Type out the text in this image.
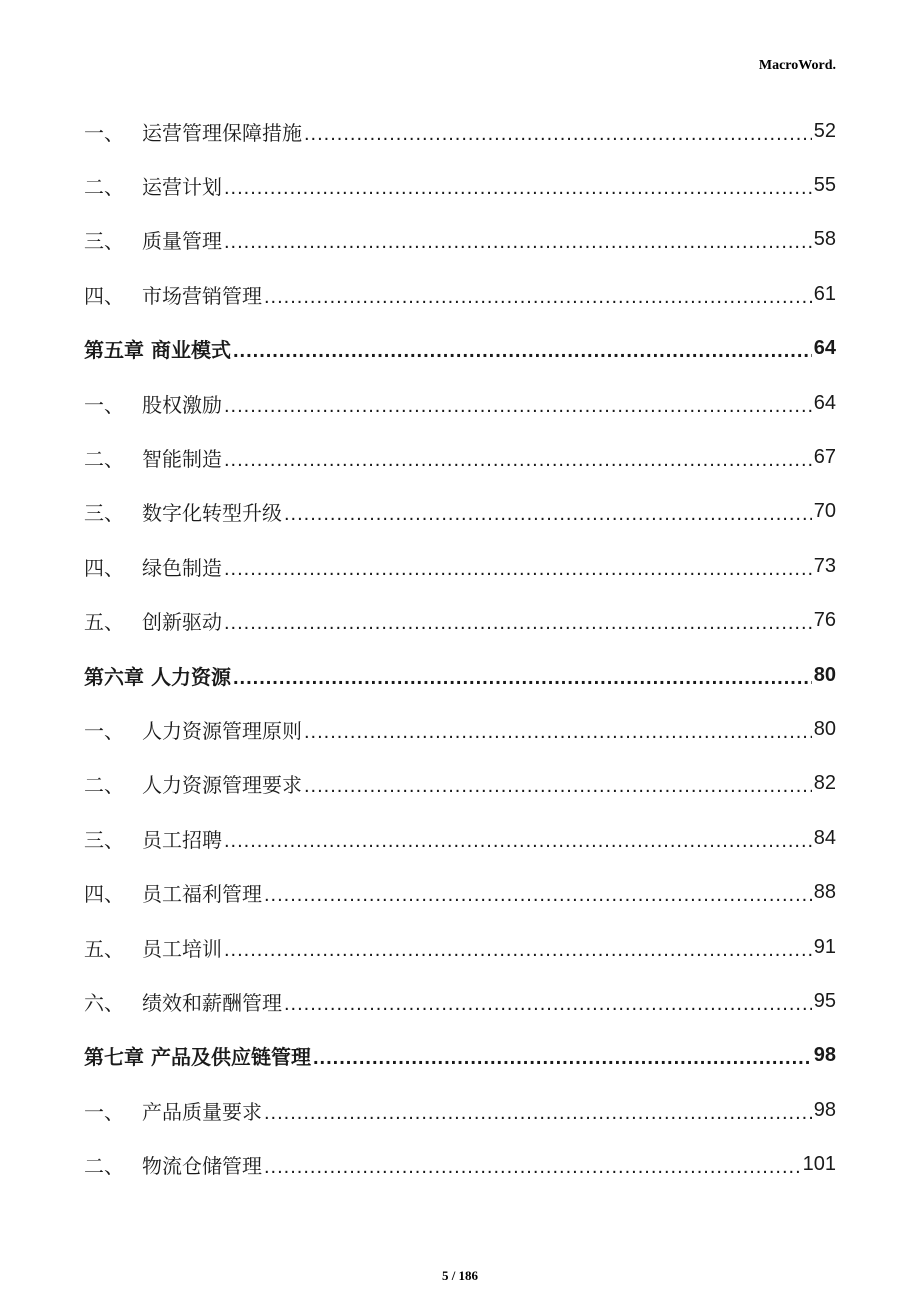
MacroWord.
一、 运营管理保障措施 .....	52
二、 运营计划 .....	55
三、 质量管理 .....	58
四、 市场营销管理 .....	61
第五章 商业模式 .....	64
一、 股权激励 .....	64
二、 智能制造 .....	67
三、 数字化转型升级 .....	70
四、 绿色制造 .....	73
五、 创新驱动 .....	76
第六章 人力资源 .....	80
一、 人力资源管理原则 .....	80
二、 人力资源管理要求 .....	82
三、 员工招聘 .....	84
四、 员工福利管理 .....	88
五、 员工培训 .....	91
六、 绩效和薪酬管理 .....	95
第七章 产品及供应链管理 .....	98
一、 产品质量要求 .....	98
二、 物流仓储管理 .....	101
5 / 186
